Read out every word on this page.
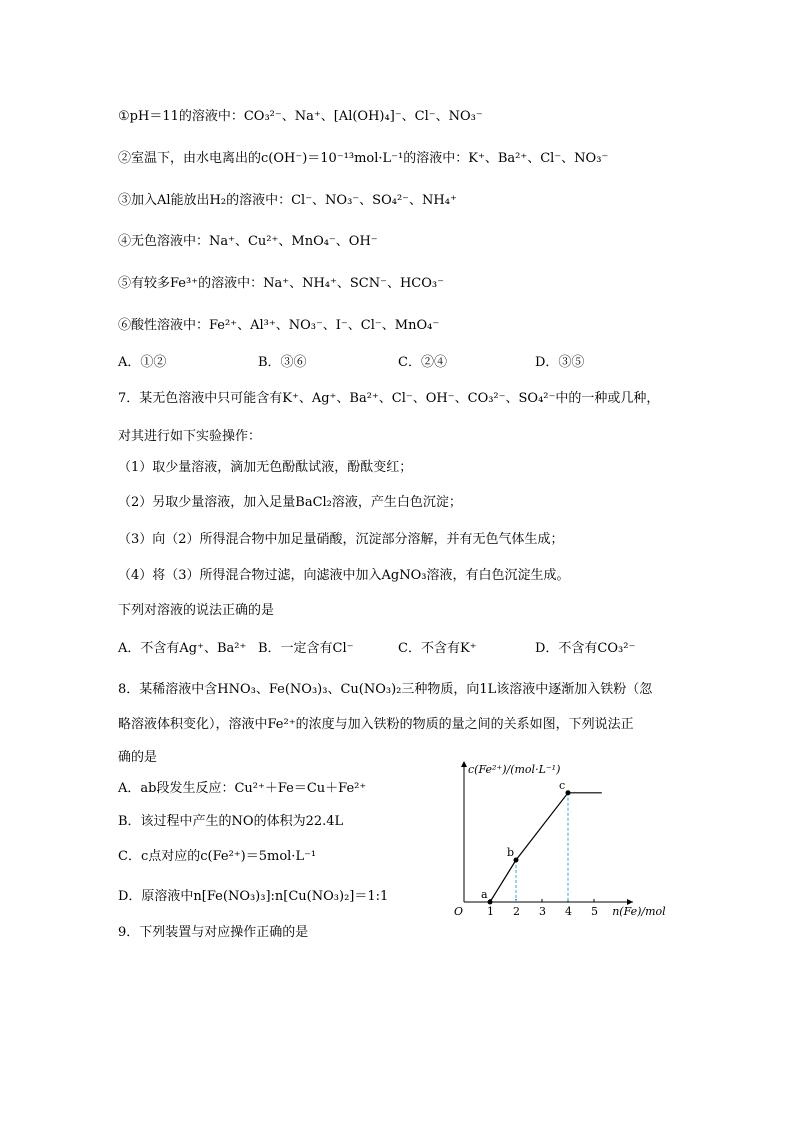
①pH＝11的溶液中：CO₃²⁻、Na⁺、[Al(OH)₄]⁻、Cl⁻、NO₃⁻
②室温下，由水电离出的c(OH⁻)＝10⁻¹³mol·L⁻¹的溶液中：K⁺、Ba²⁺、Cl⁻、NO₃⁻
③加入Al能放出H₂的溶液中：Cl⁻、NO₃⁻、SO₄²⁻、NH₄⁺
④无色溶液中：Na⁺、Cu²⁺、MnO₄⁻、OH⁻
⑤有较多Fe³⁺的溶液中：Na⁺、NH₄⁺、SCN⁻、HCO₃⁻
⑥酸性溶液中：Fe²⁺、Al³⁺、NO₃⁻、I⁻、Cl⁻、MnO₄⁻
7．某无色溶液中只可能含有K⁺、Ag⁺、Ba²⁺、Cl⁻、OH⁻、CO₃²⁻、SO₄²⁻中的一种或几种，
对其进行如下实验操作：
（1）取少量溶液，滴加无色酚酞试液，酚酞变红；
（2）另取少量溶液，加入足量BaCl₂溶液，产生白色沉淀；
（3）向（2）所得混合物中加足量硝酸，沉淀部分溶解，并有无色气体生成；
（4）将（3）所得混合物过滤，向滤液中加入AgNO₃溶液，有白色沉淀生成。
下列对溶液的说法正确的是
8．某稀溶液中含HNO₃、Fe(NO₃)₃、Cu(NO₃)₂三种物质，向1L该溶液中逐渐加入铁粉（忽
略溶液体积变化），溶液中Fe²⁺的浓度与加入铁粉的物质的量之间的关系如图，下列说法正
确的是
A．ab段发生反应：Cu²⁺＋Fe＝Cu＋Fe²⁺
B．该过程中产生的NO的体积为22.4L
C．c点对应的c(Fe²⁺)＝5mol·L⁻¹
D．原溶液中n[Fe(NO₃)₃]:n[Cu(NO₃)₂]＝1:1
9．下列装置与对应操作正确的是
A．①②	B．③⑥	C．②④	D．③⑤
A．不含有Ag⁺、Ba²⁺ B．一定含有Cl⁻	C．不含有K⁺	D．不含有CO₃²⁻
c(Fe²⁺)/(mol·L⁻¹)
n(Fe)/mol
O 1 2 3 4 5
a
b
c
